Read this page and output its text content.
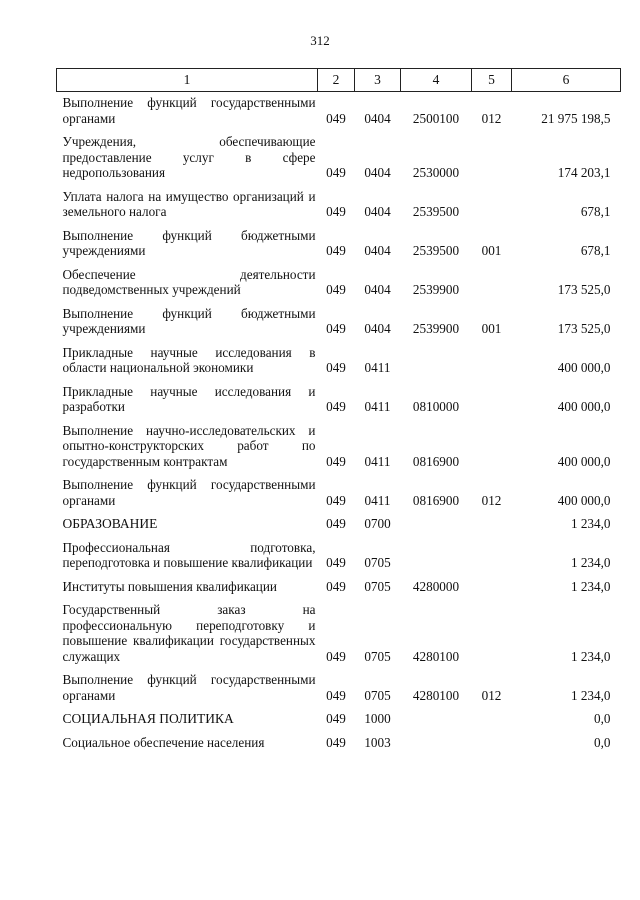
312
1	2	3	4	5	6
Выполнение функций государственными органами	049	0404	2500100	012	21 975 198,5
Учреждения, обеспечивающие предоставление услуг в сфере недропользования	049	0404	2530000		174 203,1
Уплата налога на имущество организаций и земельного налога	049	0404	2539500		678,1
Выполнение функций бюджетными учреждениями	049	0404	2539500	001	678,1
Обеспечение деятельности подведомственных учреждений	049	0404	2539900		173 525,0
Выполнение функций бюджетными учреждениями	049	0404	2539900	001	173 525,0
Прикладные научные исследования в области национальной экономики	049	0411			400 000,0
Прикладные научные исследования и разработки	049	0411	0810000		400 000,0
Выполнение научно-исследовательских и опытно-конструкторских работ по государственным контрактам	049	0411	0816900		400 000,0
Выполнение функций государственными органами	049	0411	0816900	012	400 000,0
ОБРАЗОВАНИЕ	049	0700			1 234,0
Профессиональная подготовка, переподготовка и повышение квалификации	049	0705			1 234,0
Институты повышения квалификации	049	0705	4280000		1 234,0
Государственный заказ на профессиональную переподготовку и повышение квалификации государственных служащих	049	0705	4280100		1 234,0
Выполнение функций государственными органами	049	0705	4280100	012	1 234,0
СОЦИАЛЬНАЯ ПОЛИТИКА	049	1000			0,0
Социальное обеспечение населения	049	1003			0,0
